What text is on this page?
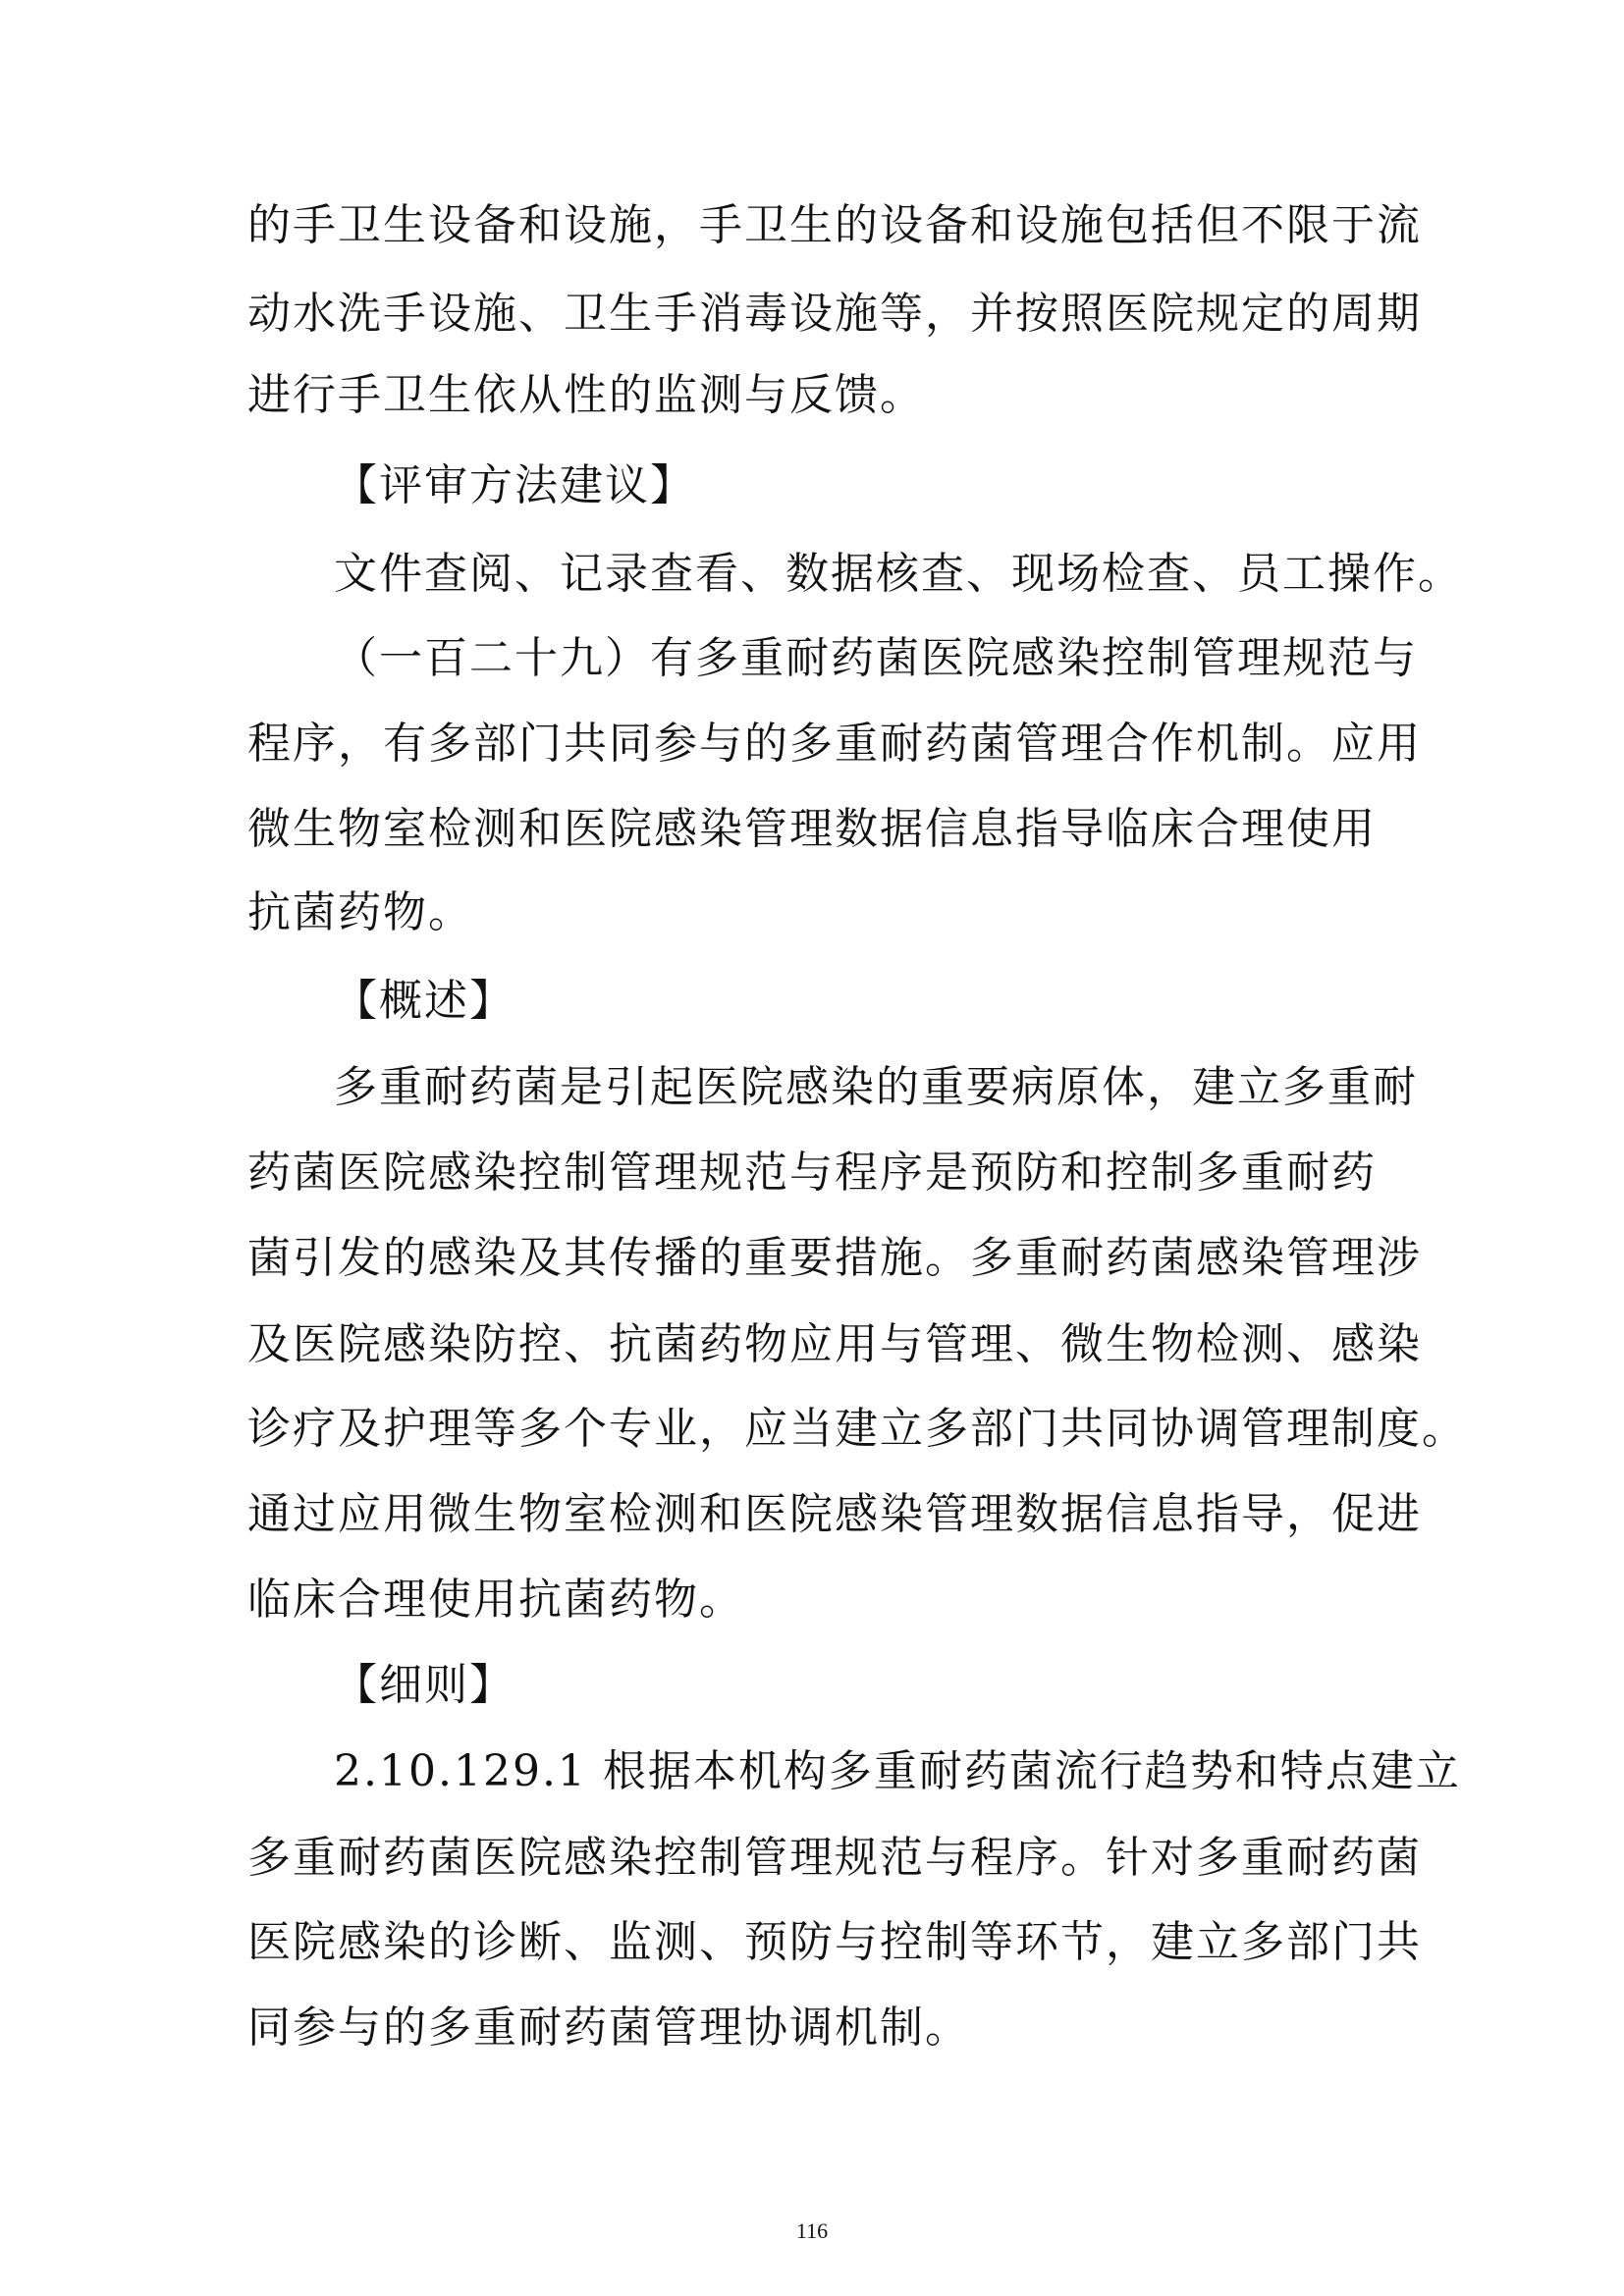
的手卫生设备和设施，手卫生的设备和设施包括但不限于流
动水洗手设施、卫生手消毒设施等，并按照医院规定的周期
进行手卫生依从性的监测与反馈。
【评审方法建议】
文件查阅、记录查看、数据核查、现场检查、员工操作。
（一百二十九）有多重耐药菌医院感染控制管理规范与
程序，有多部门共同参与的多重耐药菌管理合作机制。应用
微生物室检测和医院感染管理数据信息指导临床合理使用
抗菌药物。
【概述】
多重耐药菌是引起医院感染的重要病原体，建立多重耐
药菌医院感染控制管理规范与程序是预防和控制多重耐药
菌引发的感染及其传播的重要措施。多重耐药菌感染管理涉
及医院感染防控、抗菌药物应用与管理、微生物检测、感染
诊疗及护理等多个专业，应当建立多部门共同协调管理制度。
通过应用微生物室检测和医院感染管理数据信息指导，促进
临床合理使用抗菌药物。
【细则】
2.10.129.1 根据本机构多重耐药菌流行趋势和特点建立
多重耐药菌医院感染控制管理规范与程序。针对多重耐药菌
医院感染的诊断、监测、预防与控制等环节，建立多部门共
同参与的多重耐药菌管理协调机制。
116
